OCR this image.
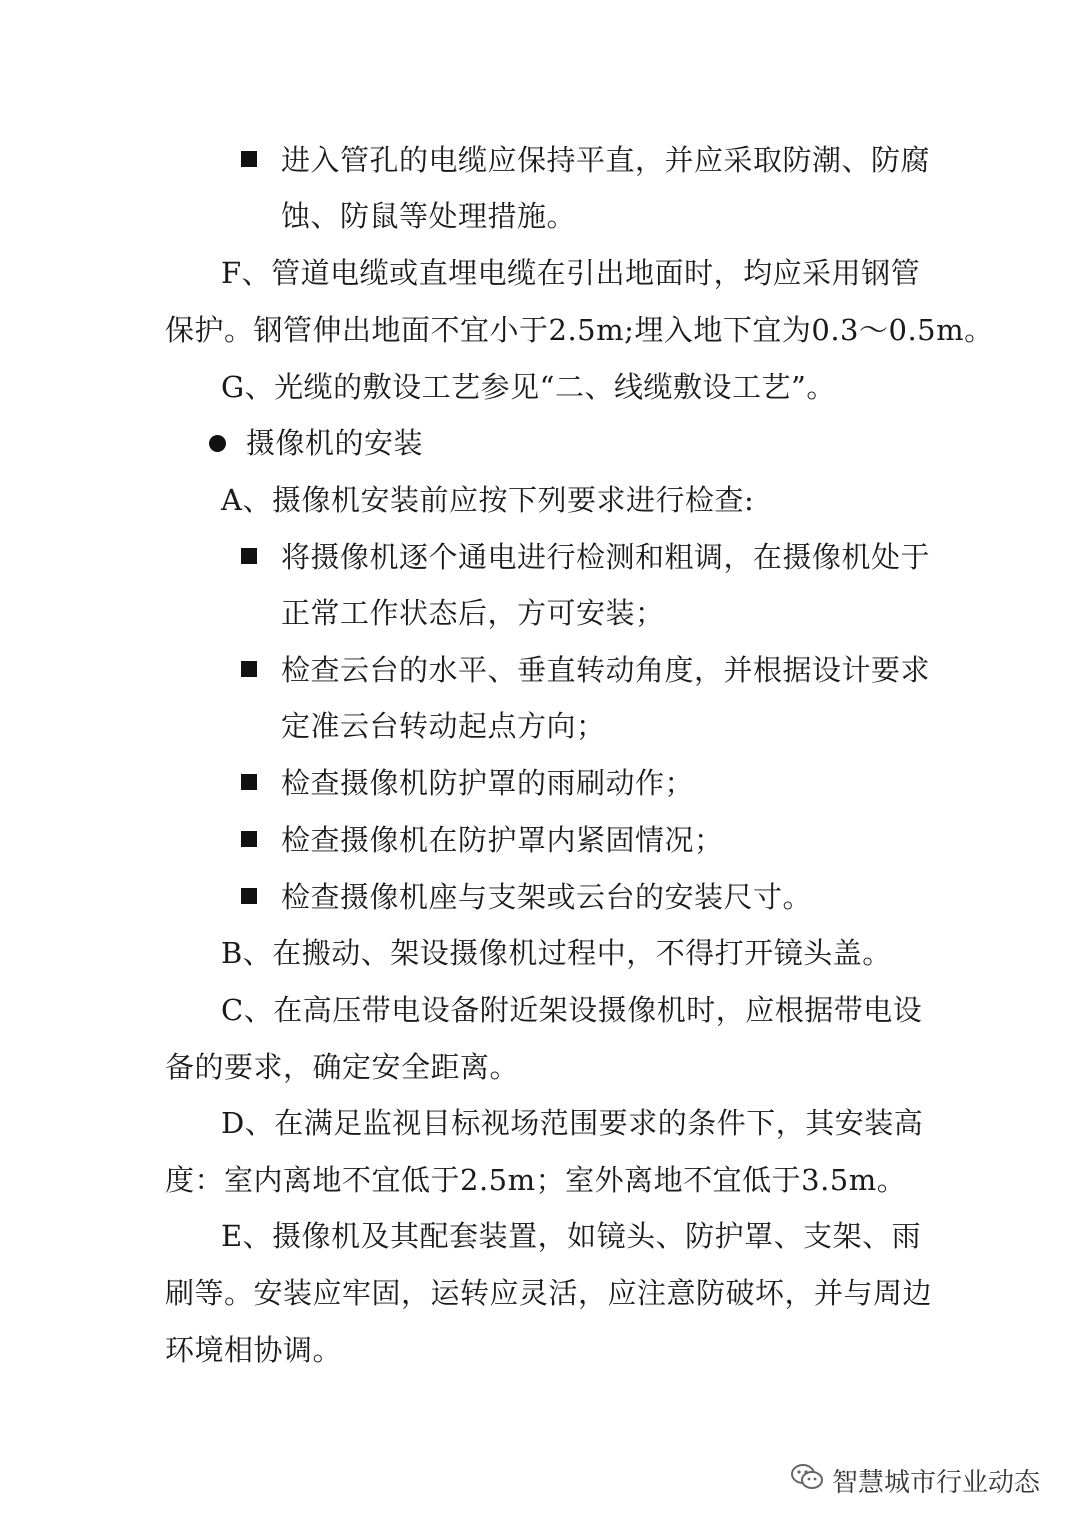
进入管孔的电缆应保持平直，并应采取防潮、防腐
蚀、防鼠等处理措施。
F、管道电缆或直埋电缆在引出地面时，均应采用钢管
保护。钢管伸出地面不宜小于2.5m;埋入地下宜为0.3～0.5m。
G、光缆的敷设工艺参见“二、线缆敷设工艺”。
摄像机的安装
A、摄像机安装前应按下列要求进行检查:
将摄像机逐个通电进行检测和粗调，在摄像机处于
正常工作状态后，方可安装；
检查云台的水平、垂直转动角度，并根据设计要求
定准云台转动起点方向；
检查摄像机防护罩的雨刷动作；
检查摄像机在防护罩内紧固情况；
检查摄像机座与支架或云台的安装尺寸。
B、在搬动、架设摄像机过程中，不得打开镜头盖。
C、在高压带电设备附近架设摄像机时，应根据带电设
备的要求，确定安全距离。
D、在满足监视目标视场范围要求的条件下，其安装高
度：室内离地不宜低于2.5m；室外离地不宜低于3.5m。
E、摄像机及其配套装置，如镜头、防护罩、支架、雨
刷等。安装应牢固，运转应灵活，应注意防破坏，并与周边
环境相协调。
智慧城市行业动态
